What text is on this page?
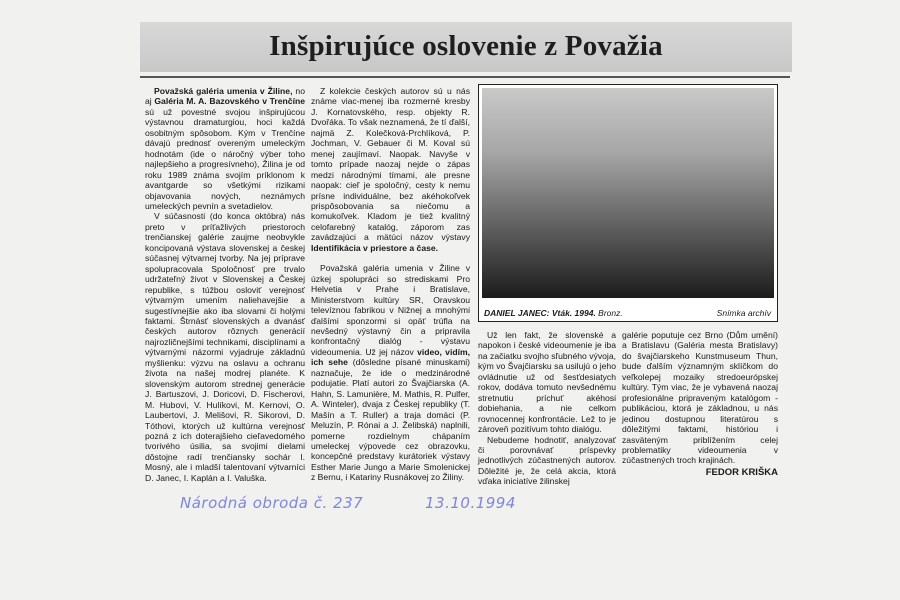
Inšpirujúce oslovenie z Považia

Považská galéria umenia v Žiline, no aj Galéria M. A. Bazovského v Trenčíne sú už povestné svojou inšpirujúcou výstavnou dramaturgiou, hoci každá osobitným spôsobom. Kým v Trenčíne dávajú prednosť overeným umeleckým hodnotám (ide o náročný výber toho najlepšieho a progresívneho), Žilina je od roku 1989 známa svojím príklonom k avantgarde so všetkými rizikami objavovania nových, neznámych umeleckých pevnín a svetadielov.

V súčasnosti (do konca októbra) nás preto v príťažlivých priestoroch trenčianskej galérie zaujme neobvykle koncipovaná výstava slovenskej a českej súčasnej výtvarnej tvorby. Na jej príprave spolupracovala Spoločnosť pre trvalo udržateľný život v Slovenskej a Českej republike, s túžbou osloviť verejnosť výtvarným umením naliehavejšie a sugestívnejšie ako iba slovami či holými faktami. Štrnásť slovenských a dvanásť českých autorov rôznych generácií najrozličnejšími technikami, disciplínami a výtvarnými názormi vyjadruje základnú myšlienku: výzvu na oslavu a ochranu života na našej modrej planéte. K slovenským autorom strednej generácie J. Bartuszovi, J. Doricovi, D. Fischerovi, M. Hubovi, V. Hulíkovi, M. Kernovi, O. Laubertovi, J. Melišovi, R. Sikorovi, D. Tóthovi, ktorých už kultúrna verejnosť pozná z ich doterajšieho cieľavedomého tvorivého úsilia, sa svojimi dielami dôstojne radí trenčiansky sochár I. Mosný, ale i mladší talentovaní výtvarníci D. Janec, I. Kaplán a I. Valuška.

Z kolekcie českých autorov sú u nás známe viac-menej iba rozmerné kresby J. Kornatovského, resp. objekty R. Dvořáka. To však neznamená, že tí ďalší, najmä Z. Kolečková-Prchlíková, P. Jochman, V. Gebauer či M. Koval sú menej zaujímaví. Naopak. Navyše v tomto prípade naozaj nejde o zápas medzi národnými tímami, ale presne naopak: cieľ je spoločný, cesty k nemu prísne individuálne, bez akéhokoľvek prispôsobovania sa niečomu a komukoľvek. Kladom je tiež kvalitný celofarebný katalóg, záporom zas zavádzajúci a mätúci názov výstavy Identifikácia v priestore a čase.

Považská galéria umenia v Žiline v úzkej spolupráci so strediskami Pro Helvetia v Prahe i Bratislave, Ministerstvom kultúry SR, Oravskou televíznou fabrikou v Nižnej a mnohými ďalšími sponzormi si opäť trúfla na nevšedný výstavný čin a pripravila konfrontačný dialóg - výstavu videoumenia. Už jej názov video, vidím, ich sehe (dôsledne písané minuskami) naznačuje, že ide o medzinárodné podujatie. Platí autori zo Švajčiarska (A. Hahn, S. Lamunière, M. Mathis, R. Pulfer, A. Winteler), dvaja z Českej republiky (T. Mašín a T. Ruller) a traja domáci (P. Meluzín, P. Rónai a J. Želibská) naplnili, pomerne rozdielnym chápaním umeleckej výpovede cez obrazovku, koncepčné predstavy kurátoriek výstavy Esther Marie Jungo a Marie Smolenickej z Bernu, i Katariny Rusnákovej zo Žiliny.

DANIEL JANEC: Vták. 1994. Bronz.	Snímka archív

Už len fakt, že slovenské a napokon i české videoumenie je iba na začiatku svojho sľubného vývoja, kým vo Švajčiarsku sa usilujú o jeho ovládnutie už od šesťdesiatych rokov, dodáva tomuto nevšednému stretnutiu príchuť akéhosi dobiehania, a nie celkom rovnocennej konfrontácie. Lež to je zároveň pozitívum tohto dialógu.

Nebudeme hodnotiť, analyzovať či porovnávať príspevky jednotlivých zúčastnených autorov. Dôležité je, že celá akcia, ktorá vďaka iniciatíve žilinskej

galérie poputuje cez Brno (Dům umění) a Bratislavu (Galéria mesta Bratislavy) do švajčiarskeho Kunstmuseum Thun, bude ďalším významným sklíčkom do veľkolepej mozaiky stredoeurópskej kultúry. Tým viac, že je vybavená naozaj profesionálne pripraveným katalógom - publikáciou, ktorá je základnou, u nás jedinou dostupnou literatúrou s dôležitými faktami, históriou i zasväteným priblížením celej problematiky videoumenia v zúčastnených troch krajinách.

FEDOR KRIŠKA
Národná obroda č. 237	13.10.1994
